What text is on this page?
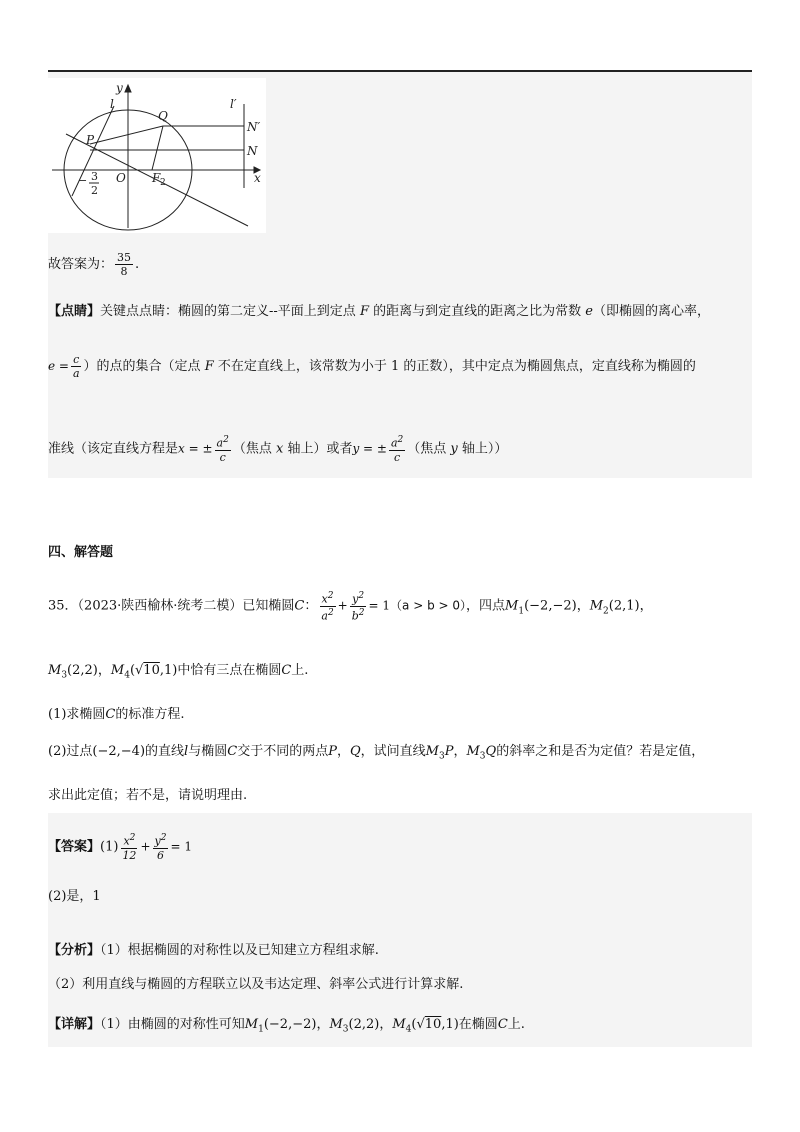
y
l	l′
Q
N′
P
N
O F 2	x
− 3
2
故答案为： $\frac{35}{8}$ .
【点睛】关键点点睛：椭圆的第二定义--平面上到定点 F 的距离与到定直线的距离之比为常数 e（即椭圆的离心率，
$e = \frac{c}{a}$ ）的点的集合（定点 F 不在定直线上，该常数为小于 1 的正数），其中定点为椭圆焦点，定直线称为椭圆的
准线（该定直线方程是x = ± $\frac{a^2}{c}$ （焦点 x 轴上）或者y = ± $\frac{a^2}{c}$ （焦点 y 轴上））
四、解答题
35．（2023·陕西榆林·统考二模）已知椭圆C： $\frac{x^2}{a^2} + \frac{y^2}{b^2} = 1(a > b > 0)$，四点$M_1(-2,-2)$，$M_2(2,1)$，
$M_3(2,2)$，$M_4(√10,1)$中恰有三点在椭圆C上.
(1)求椭圆C的标准方程.
(2)过点(−2,−4)的直线l与椭圆C交于不同的两点P，Q，试问直线$M_3P$，$M_3Q$的斜率之和是否为定值？若是定值，
求出此定值；若不是，请说明理由.
【答案】$(1) \frac{x^2}{12} + \frac{y^2}{6} = 1$
(2)是，1
【分析】（1）根据椭圆的对称性以及已知建立方程组求解.
（2）利用直线与椭圆的方程联立以及韦达定理、斜率公式进行计算求解.
【详解】（1）由椭圆的对称性可知$M_1(-2,-2)$，$M_3(2,2)$，$M_4(√10,1)$在椭圆C上.
